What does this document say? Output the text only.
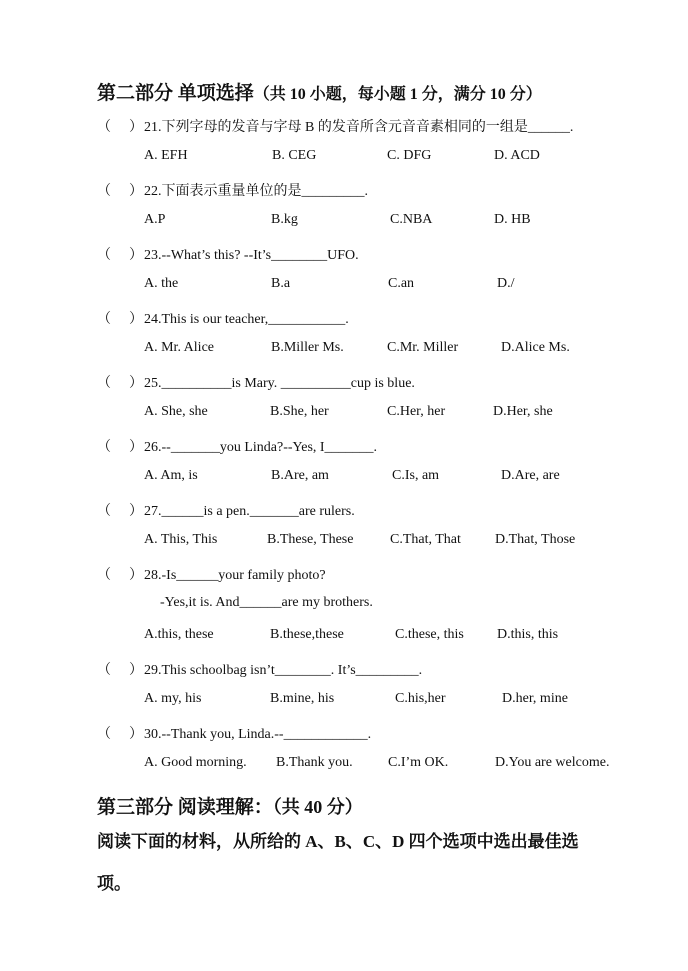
第二部分 单项选择（共 10 小题，每小题 1 分，满分 10 分）
（ ）21.下列字母的发音与字母 B 的发音所含元音音素相同的一组是______.
A. EFH	B. CEG	C. DFG	D. ACD
（ ）22.下面表示重量单位的是_________.
A.P	B.kg	C.NBA	D. HB
（ ）23.--What’s this? --It’s________UFO.
A. the	B.a	C.an	D./
（ ）24.This is our teacher,___________.
A. Mr. Alice	B.Miller Ms.	C.Mr. Miller	D.Alice Ms.
（ ）25.__________is Mary. __________cup is blue.
A. She, she	B.She, her	C.Her, her	D.Her, she
（ ）26.--_______you Linda?--Yes, I_______.
A. Am, is	B.Are, am	C.Is, am	D.Are, are
（ ）27.______is a pen._______are rulers.
A. This, This	B.These, These	C.That, That D.That, Those
（ ）28.-Is______your family photo?
-Yes,it is. And______are my brothers.
A.this, these	B.these,these	C.these, this D.this, this
（ ）29.This schoolbag isn’t________. It’s_________.
A. my, his	B.mine, his	C.his,her	D.her, mine
（ ）30.--Thank you, Linda.--____________.
A. Good morning. B.Thank you.	C.I’m OK.	D.You are welcome.
第三部分 阅读理解：（共 40 分）
阅读下面的材料，从所给的 A、B、C、D 四个选项中选出最佳选
项。
